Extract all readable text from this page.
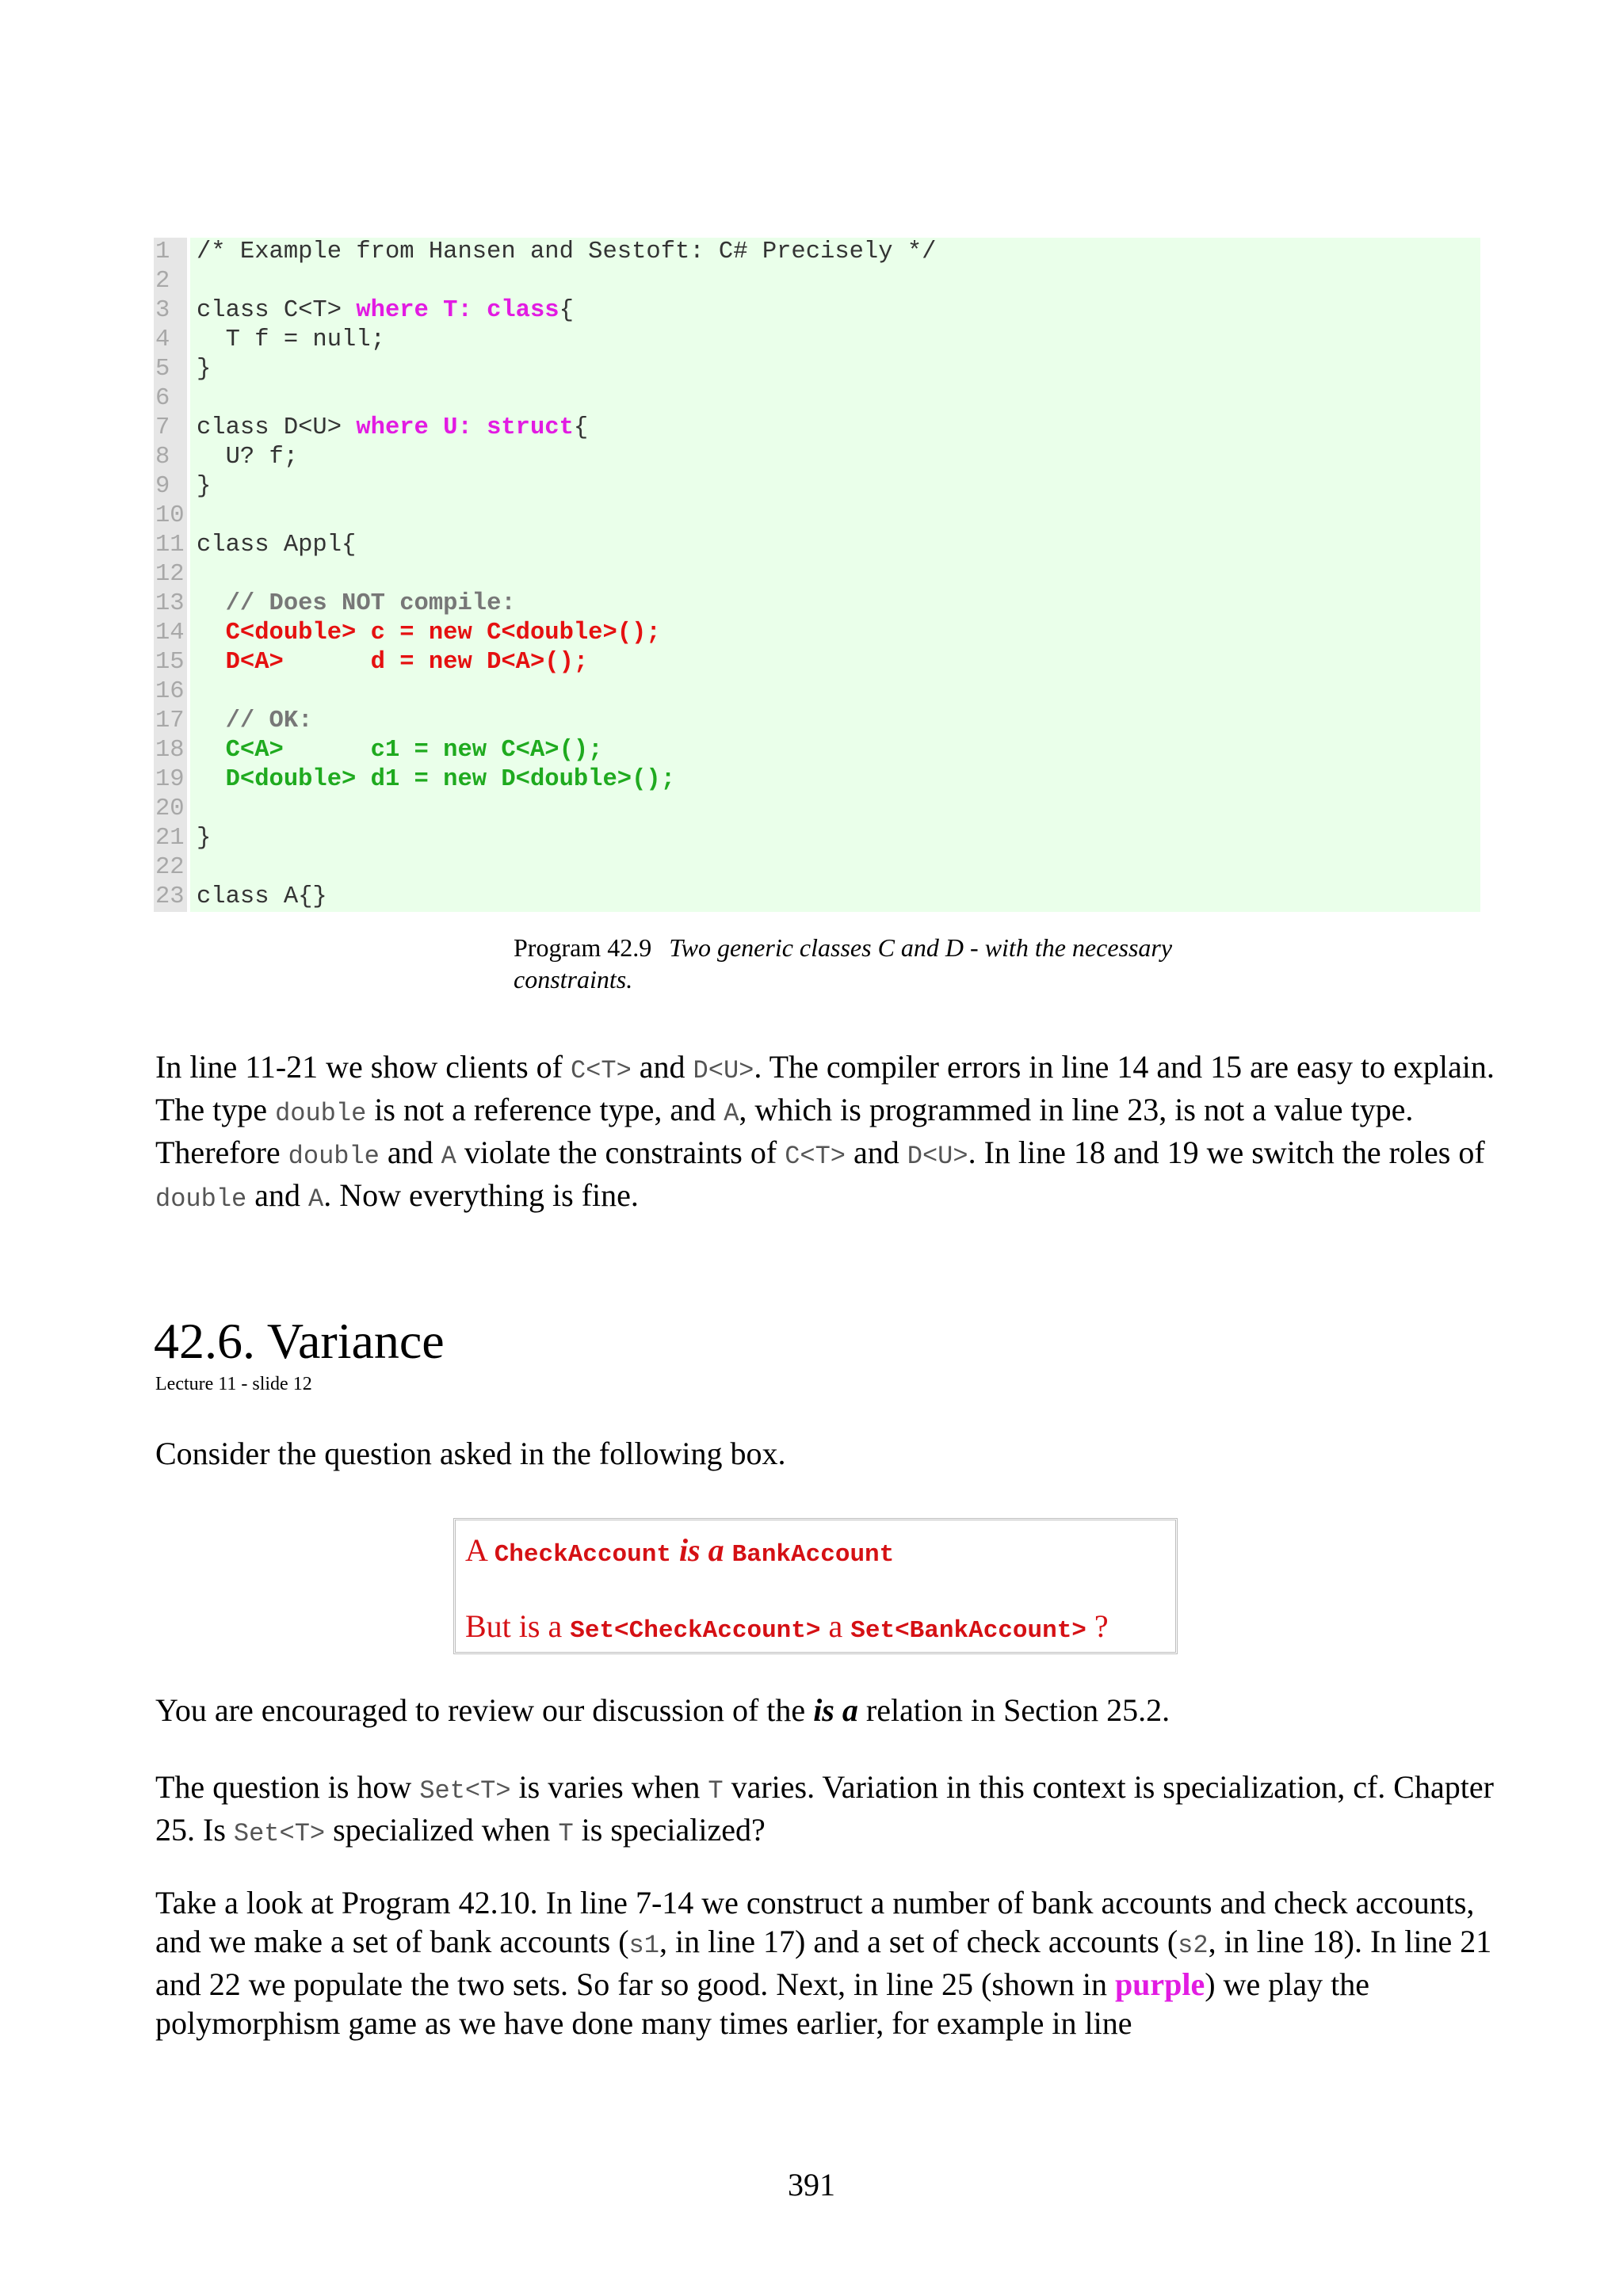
1	/* Example from Hansen and Sestoft: C# Precisely */
2
3	class C<T> where T: class{
4	T f = null;
5	}
6
7	class D<U> where U: struct{
8	U? f;
9	}
10
11 class Appl{
12
13	// Does NOT compile:
14	C<double> c = new C<double>();
15	D<A>      d = new D<A>();
16
17	// OK:
18	C<A>      c1 = new C<A>();
19	D<double> d1 = new D<double>();
20
21 }
22
23 class A{}
Program 42.9 Two generic classes C and D - with the necessary constraints.
In line 11-21 we show clients of C<T> and D<U>. The compiler errors in line 14 and 15 are easy to explain. The type double is not a reference type, and A, which is programmed in line 23, is not a value type. Therefore double and A violate the constraints of C<T> and D<U>. In line 18 and 19 we switch the roles of double and A. Now everything is fine.
42.6. Variance
Lecture 11 - slide 12
Consider the question asked in the following box.
A CheckAccount is a BankAccount
But is a Set<CheckAccount> a Set<BankAccount> ?
You are encouraged to review our discussion of the is a relation in Section 25.2.
The question is how Set<T> is varies when T varies. Variation in this context is specialization, cf. Chapter 25. Is Set<T> specialized when T is specialized?
Take a look at Program 42.10. In line 7-14 we construct a number of bank accounts and check accounts, and we make a set of bank accounts (s1, in line 17) and a set of check accounts (s2, in line 18). In line 21 and 22 we populate the two sets. So far so good. Next, in line 25 (shown in purple) we play the polymorphism game as we have done many times earlier, for example in line
391
